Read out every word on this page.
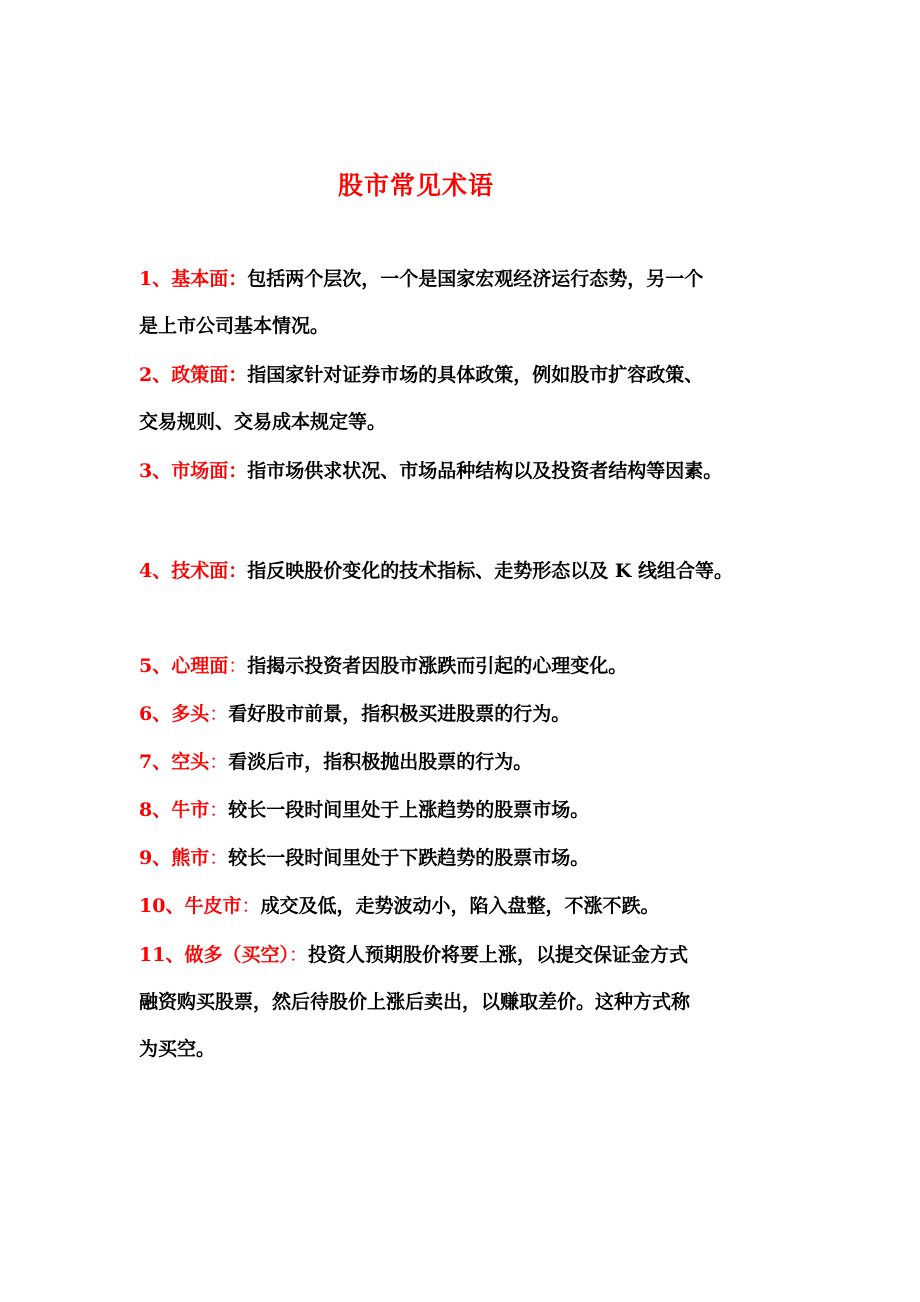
股市常见术语
1、基本面：包括两个层次，一个是国家宏观经济运行态势，另一个
是上市公司基本情况。
2、政策面：指国家针对证券市场的具体政策，例如股市扩容政策、
交易规则、交易成本规定等。
3、市场面：指市场供求状况、市场品种结构以及投资者结构等因素。
4、技术面：指反映股价变化的技术指标、走势形态以及 K 线组合等。
5、心理面：指揭示投资者因股市涨跌而引起的心理变化。
6、多头：看好股市前景，指积极买进股票的行为。
7、空头：看淡后市，指积极抛出股票的行为。
8、牛市：较长一段时间里处于上涨趋势的股票市场。
9、熊市：较长一段时间里处于下跌趋势的股票市场。
10、牛皮市：成交及低，走势波动小，陷入盘整，不涨不跌。
11、做多（买空）：投资人预期股价将要上涨，以提交保证金方式
融资购买股票，然后待股价上涨后卖出，以赚取差价。这种方式称
为买空。
